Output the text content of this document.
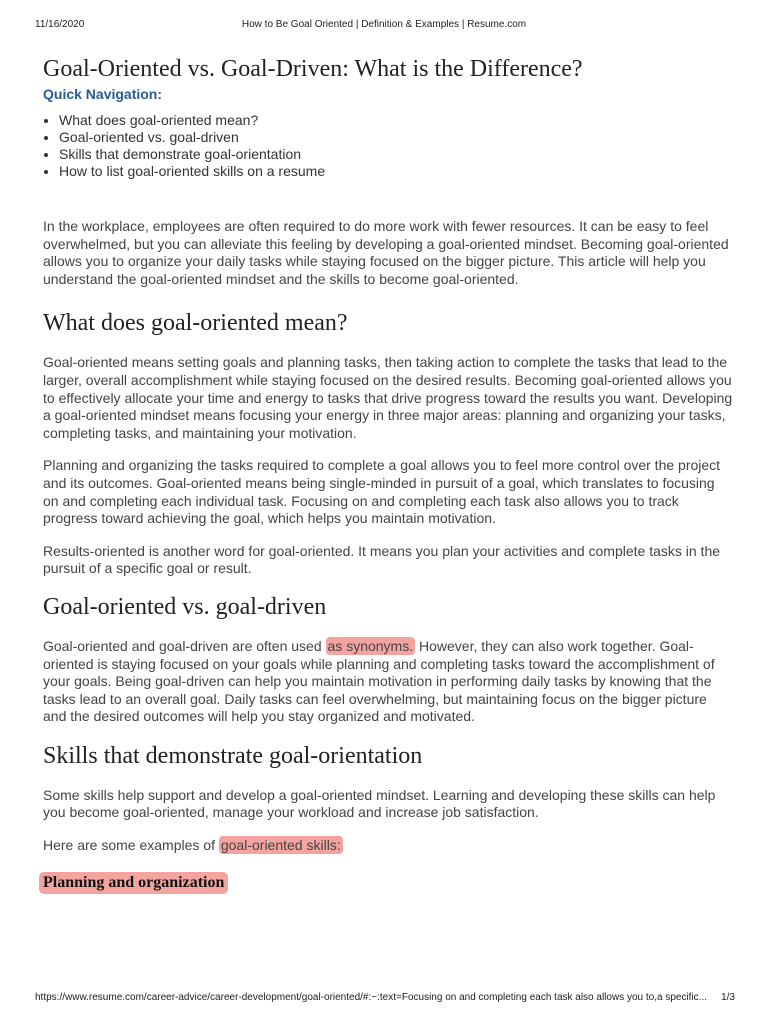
11/16/2020	How to Be Goal Oriented | Definition & Examples | Resume.com
Goal-Oriented vs. Goal-Driven: What is the Difference?
Quick Navigation:
• What does goal-oriented mean?
• Goal-oriented vs. goal-driven
• Skills that demonstrate goal-orientation
• How to list goal-oriented skills on a resume

In the workplace, employees are often required to do more work with fewer resources. It can be easy to feel overwhelmed, but you can alleviate this feeling by developing a goal-oriented mindset. Becoming goal-oriented allows you to organize your daily tasks while staying focused on the bigger picture. This article will help you understand the goal-oriented mindset and the skills to become goal-oriented.

What does goal-oriented mean?

Goal-oriented means setting goals and planning tasks, then taking action to complete the tasks that lead to the larger, overall accomplishment while staying focused on the desired results. Becoming goal-oriented allows you to effectively allocate your time and energy to tasks that drive progress toward the results you want. Developing a goal-oriented mindset means focusing your energy in three major areas: planning and organizing your tasks, completing tasks, and maintaining your motivation.

Planning and organizing the tasks required to complete a goal allows you to feel more control over the project and its outcomes. Goal-oriented means being single-minded in pursuit of a goal, which translates to focusing on and completing each individual task. Focusing on and completing each task also allows you to track progress toward achieving the goal, which helps you maintain motivation.

Results-oriented is another word for goal-oriented. It means you plan your activities and complete tasks in the pursuit of a specific goal or result.

Goal-oriented vs. goal-driven

Goal-oriented and goal-driven are often used as synonyms. However, they can also work together. Goal-oriented is staying focused on your goals while planning and completing tasks toward the accomplishment of your goals. Being goal-driven can help you maintain motivation in performing daily tasks by knowing that the tasks lead to an overall goal. Daily tasks can feel overwhelming, but maintaining focus on the bigger picture and the desired outcomes will help you stay organized and motivated.

Skills that demonstrate goal-orientation

Some skills help support and develop a goal-oriented mindset. Learning and developing these skills can help you become goal-oriented, manage your workload and increase job satisfaction.

Here are some examples of goal-oriented skills:

Planning and organization
https://www.resume.com/career-advice/career-development/goal-oriented/#:~:text=Focusing on and completing each task also allows you to,a specific...	1/3
